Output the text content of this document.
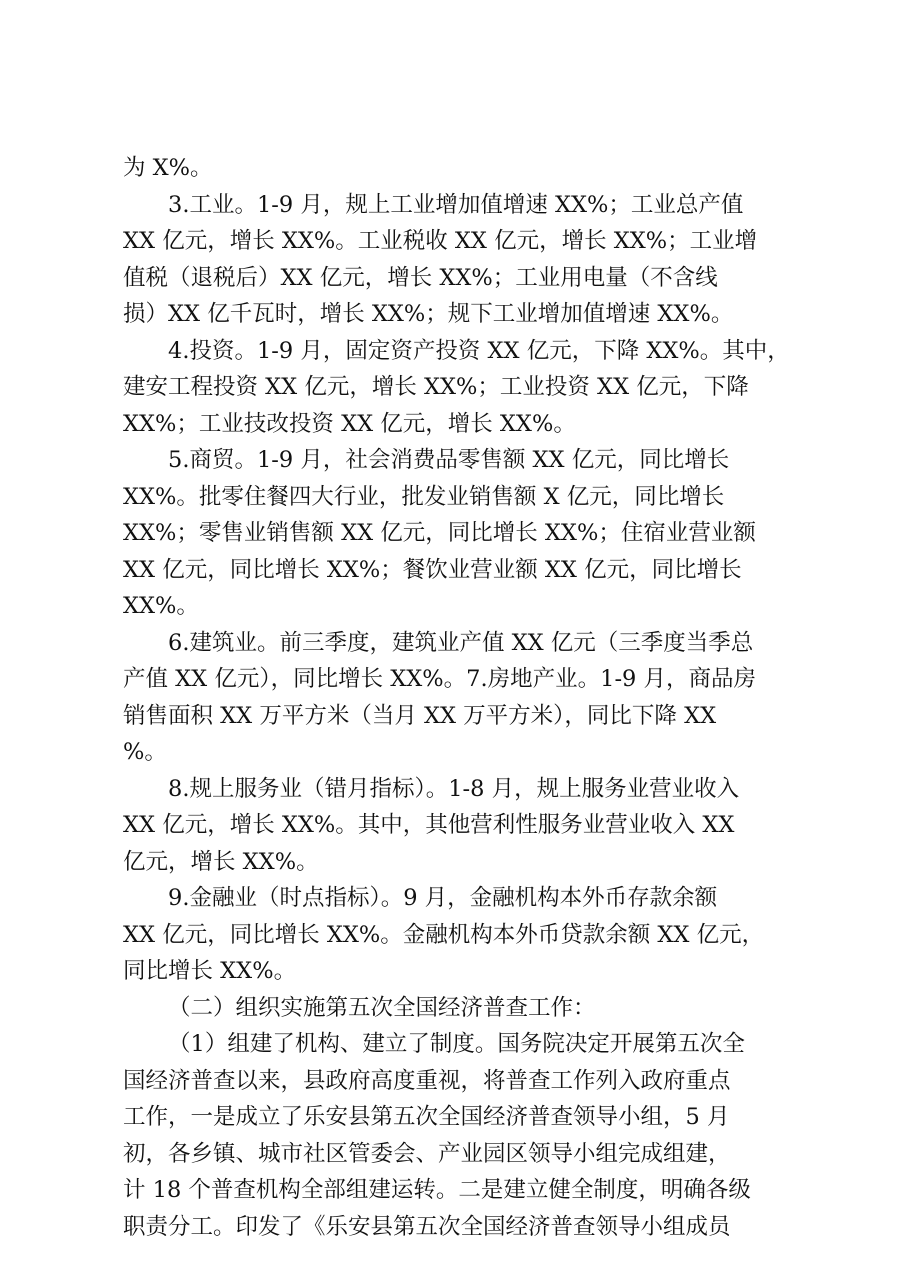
为 X%。
3.工业。1-9 月，规上工业增加值增速 XX%；工业总产值
XX 亿元，增长 XX%。工业税收 XX 亿元，增长 XX%；工业增
值税（退税后）XX 亿元，增长 XX%；工业用电量（不含线
损）XX 亿千瓦时，增长 XX%；规下工业增加值增速 XX%。
4.投资。1-9 月，固定资产投资 XX 亿元，下降 XX%。其中，
建安工程投资 XX 亿元，增长 XX%；工业投资 XX 亿元，下降
XX%；工业技改投资 XX 亿元，增长 XX%。
5.商贸。1-9 月，社会消费品零售额 XX 亿元，同比增长
XX%。批零住餐四大行业，批发业销售额 X 亿元，同比增长
XX%；零售业销售额 XX 亿元，同比增长 XX%；住宿业营业额
XX 亿元，同比增长 XX%；餐饮业营业额 XX 亿元，同比增长
XX%。
6.建筑业。前三季度，建筑业产值 XX 亿元（三季度当季总
产值 XX 亿元），同比增长 XX%。7.房地产业。1-9 月，商品房
销售面积 XX 万平方米（当月 XX 万平方米），同比下降 XX
%。
8.规上服务业（错月指标）。1-8 月，规上服务业营业收入
XX 亿元，增长 XX%。其中，其他营利性服务业营业收入 XX
亿元，增长 XX%。
9.金融业（时点指标）。9 月，金融机构本外币存款余额
XX 亿元，同比增长 XX%。金融机构本外币贷款余额 XX 亿元，
同比增长 XX%。
（二）组织实施第五次全国经济普查工作：
（1）组建了机构、建立了制度。国务院决定开展第五次全
国经济普查以来，县政府高度重视，将普查工作列入政府重点
工作，一是成立了乐安县第五次全国经济普查领导小组，5 月
初，各乡镇、城市社区管委会、产业园区领导小组完成组建，
计 18 个普查机构全部组建运转。二是建立健全制度，明确各级
职责分工。印发了《乐安县第五次全国经济普查领导小组成员
